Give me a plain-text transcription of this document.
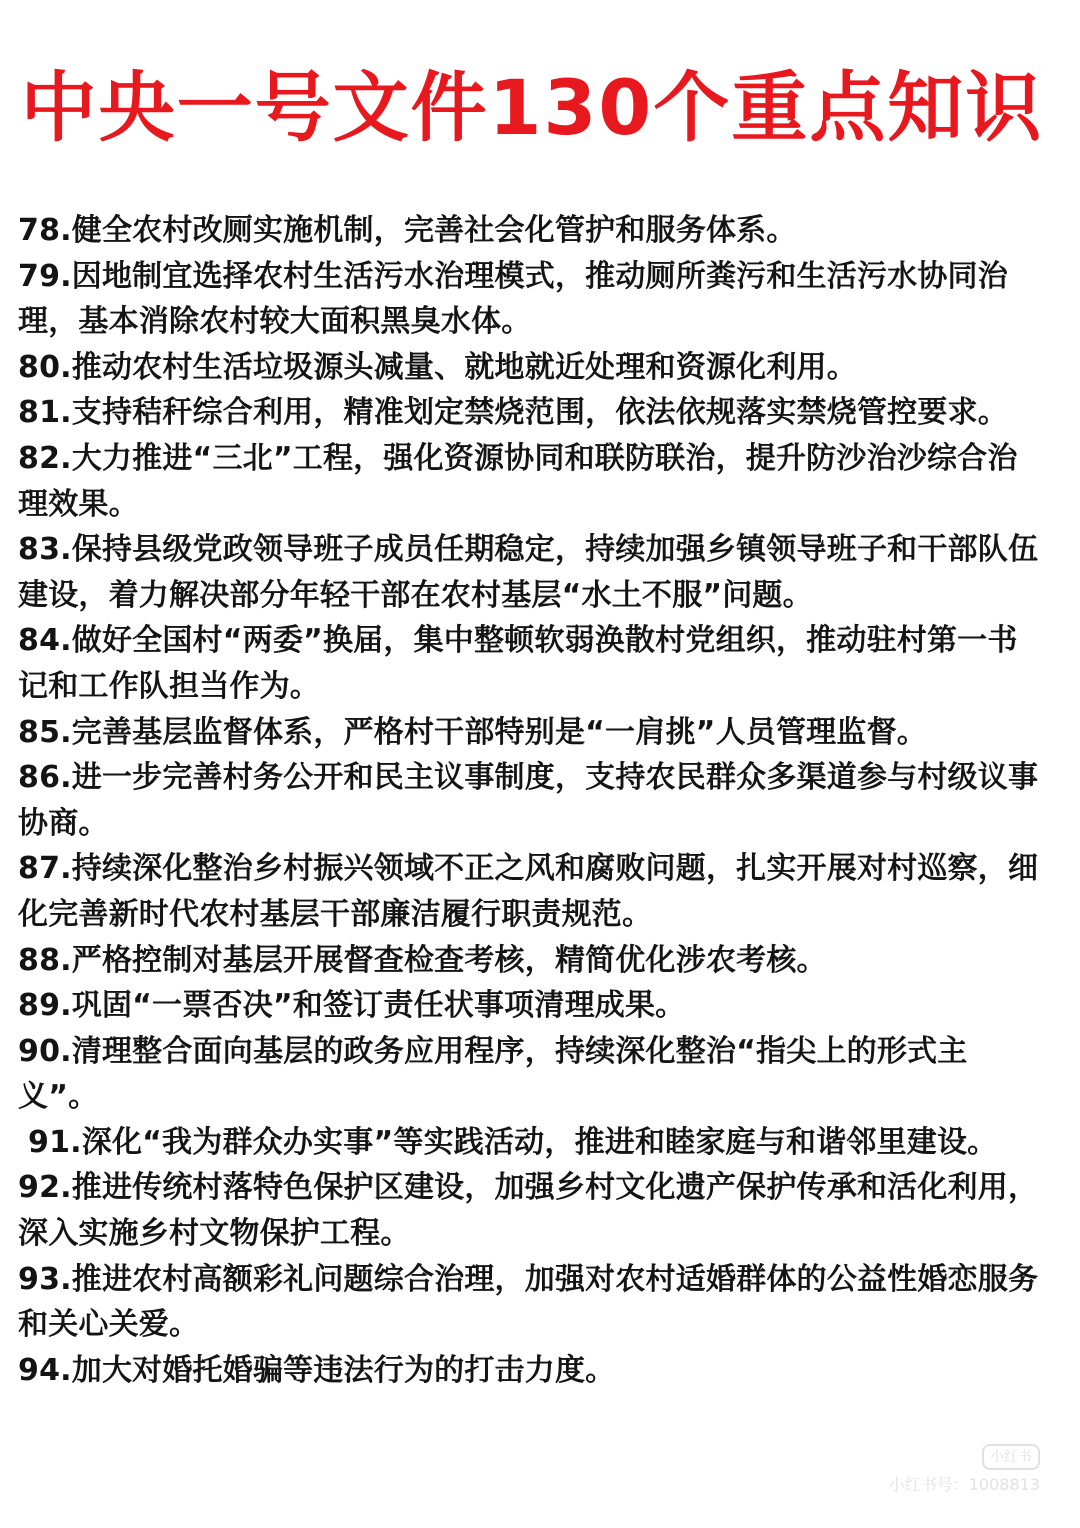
中央一号文件130个重点知识
78.健全农村改厕实施机制，完善社会化管护和服务体系。
79.因地制宜选择农村生活污水治理模式，推动厕所粪污和生活污水协同治理，基本消除农村较大面积黑臭水体。
80.推动农村生活垃圾源头减量、就地就近处理和资源化利用。
81.支持秸秆综合利用，精准划定禁烧范围，依法依规落实禁烧管控要求。
82.大力推进“三北”工程，强化资源协同和联防联治，提升防沙治沙综合治理效果。
83.保持县级党政领导班子成员任期稳定，持续加强乡镇领导班子和干部队伍建设，着力解决部分年轻干部在农村基层“水土不服”问题。
84.做好全国村“两委”换届，集中整顿软弱涣散村党组织，推动驻村第一书记和工作队担当作为。
85.完善基层监督体系，严格村干部特别是“一肩挑”人员管理监督。
86.进一步完善村务公开和民主议事制度，支持农民群众多渠道参与村级议事协商。
87.持续深化整治乡村振兴领域不正之风和腐败问题，扎实开展对村巡察，细化完善新时代农村基层干部廉洁履行职责规范。
88.严格控制对基层开展督查检查考核，精简优化涉农考核。
89.巩固“一票否决”和签订责任状事项清理成果。
90.清理整合面向基层的政务应用程序，持续深化整治“指尖上的形式主义”。
91.深化“我为群众办实事”等实践活动，推进和睦家庭与和谐邻里建设。
92.推进传统村落特色保护区建设，加强乡村文化遗产保护传承和活化利用，深入实施乡村文物保护工程。
93.推进农村高额彩礼问题综合治理，加强对农村适婚群体的公益性婚恋服务和关心关爱。
94.加大对婚托婚骗等违法行为的打击力度。
小红书
小红书号：1008813
